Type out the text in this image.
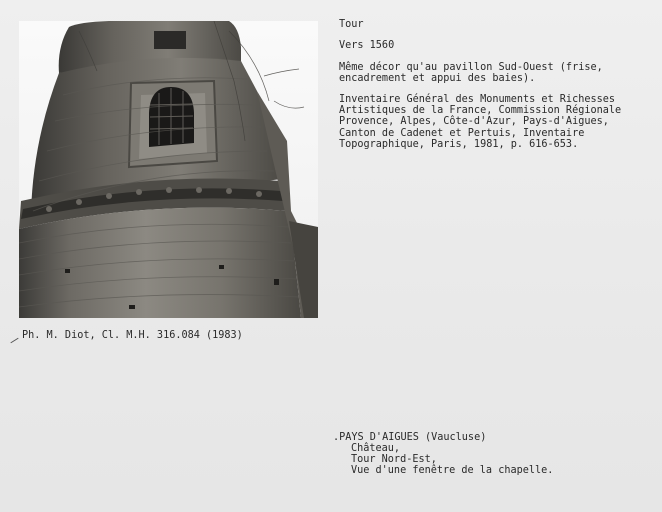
Tour
Vers 1560
Même décor qu'au pavillon Sud-Ouest (frise,
encadrement et appui des baies).
Inventaire Général des Monuments et Richesses
Artistiques de la France, Commission Régionale
Provence, Alpes, Côte-d'Azur, Pays-d'Aigues,
Canton de Cadenet et Pertuis, Inventaire
Topographique, Paris, 1981, p. 616-653.
Ph. M. Diot, Cl. M.H. 316.084 (1983)
.PAYS D'AIGUES (Vaucluse)
Château,
Tour Nord-Est,
Vue d'une fenêtre de la chapelle.
